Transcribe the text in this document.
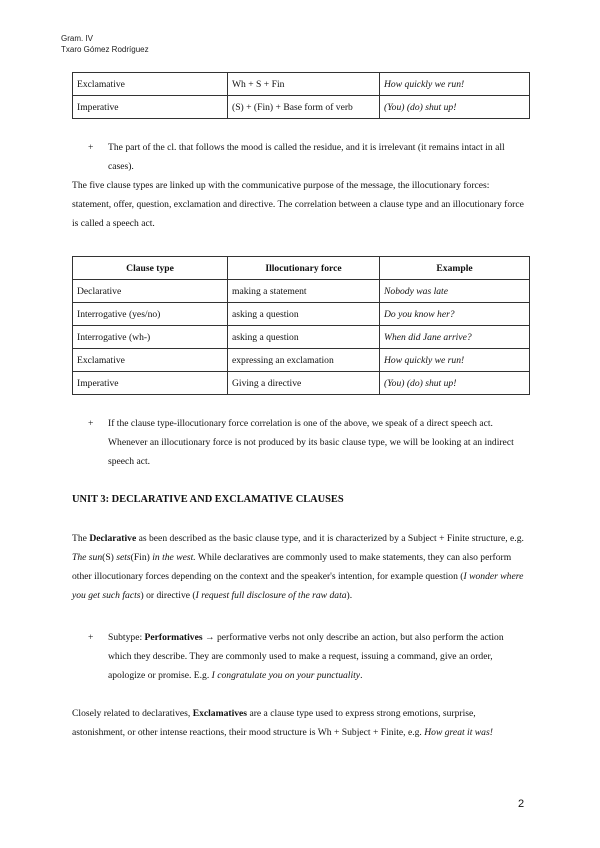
Gram. IV
Txaro Gómez Rodríguez
Exclamative	Wh + S + Fin	How quickly we run!
Imperative	(S) + (Fin) + Base form of verb	(You) (do) shut up!
+ The part of the cl. that follows the mood is called the residue, and it is irrelevant (it remains intact in all cases).
The five clause types are linked up with the communicative purpose of the message, the illocutionary forces: statement, offer, question, exclamation and directive. The correlation between a clause type and an illocutionary force is called a speech act.
Clause type	Illocutionary force	Example
Declarative	making a statement	Nobody was late
Interrogative (yes/no)	asking a question	Do you know her?
Interrogative (wh-)	asking a question	When did Jane arrive?
Exclamative	expressing an exclamation	How quickly we run!
Imperative	Giving a directive	(You) (do) shut up!
+ If the clause type-illocutionary force correlation is one of the above, we speak of a direct speech act. Whenever an illocutionary force is not produced by its basic clause type, we will be looking at an indirect speech act.
UNIT 3: DECLARATIVE AND EXCLAMATIVE CLAUSES
The Declarative as been described as the basic clause type, and it is characterized by a Subject + Finite structure, e.g. The sun(S) sets(Fin) in the west. While declaratives are commonly used to make statements, they can also perform other illocutionary forces depending on the context and the speaker's intention, for example question (I wonder where you get such facts) or directive (I request full disclosure of the raw data).
+ Subtype: Performatives → performative verbs not only describe an action, but also perform the action which they describe. They are commonly used to make a request, issuing a command, give an order, apologize or promise. E.g. I congratulate you on your punctuality.
Closely related to declaratives, Exclamatives are a clause type used to express strong emotions, surprise, astonishment, or other intense reactions, their mood structure is Wh + Subject + Finite, e.g. How great it was!
2
